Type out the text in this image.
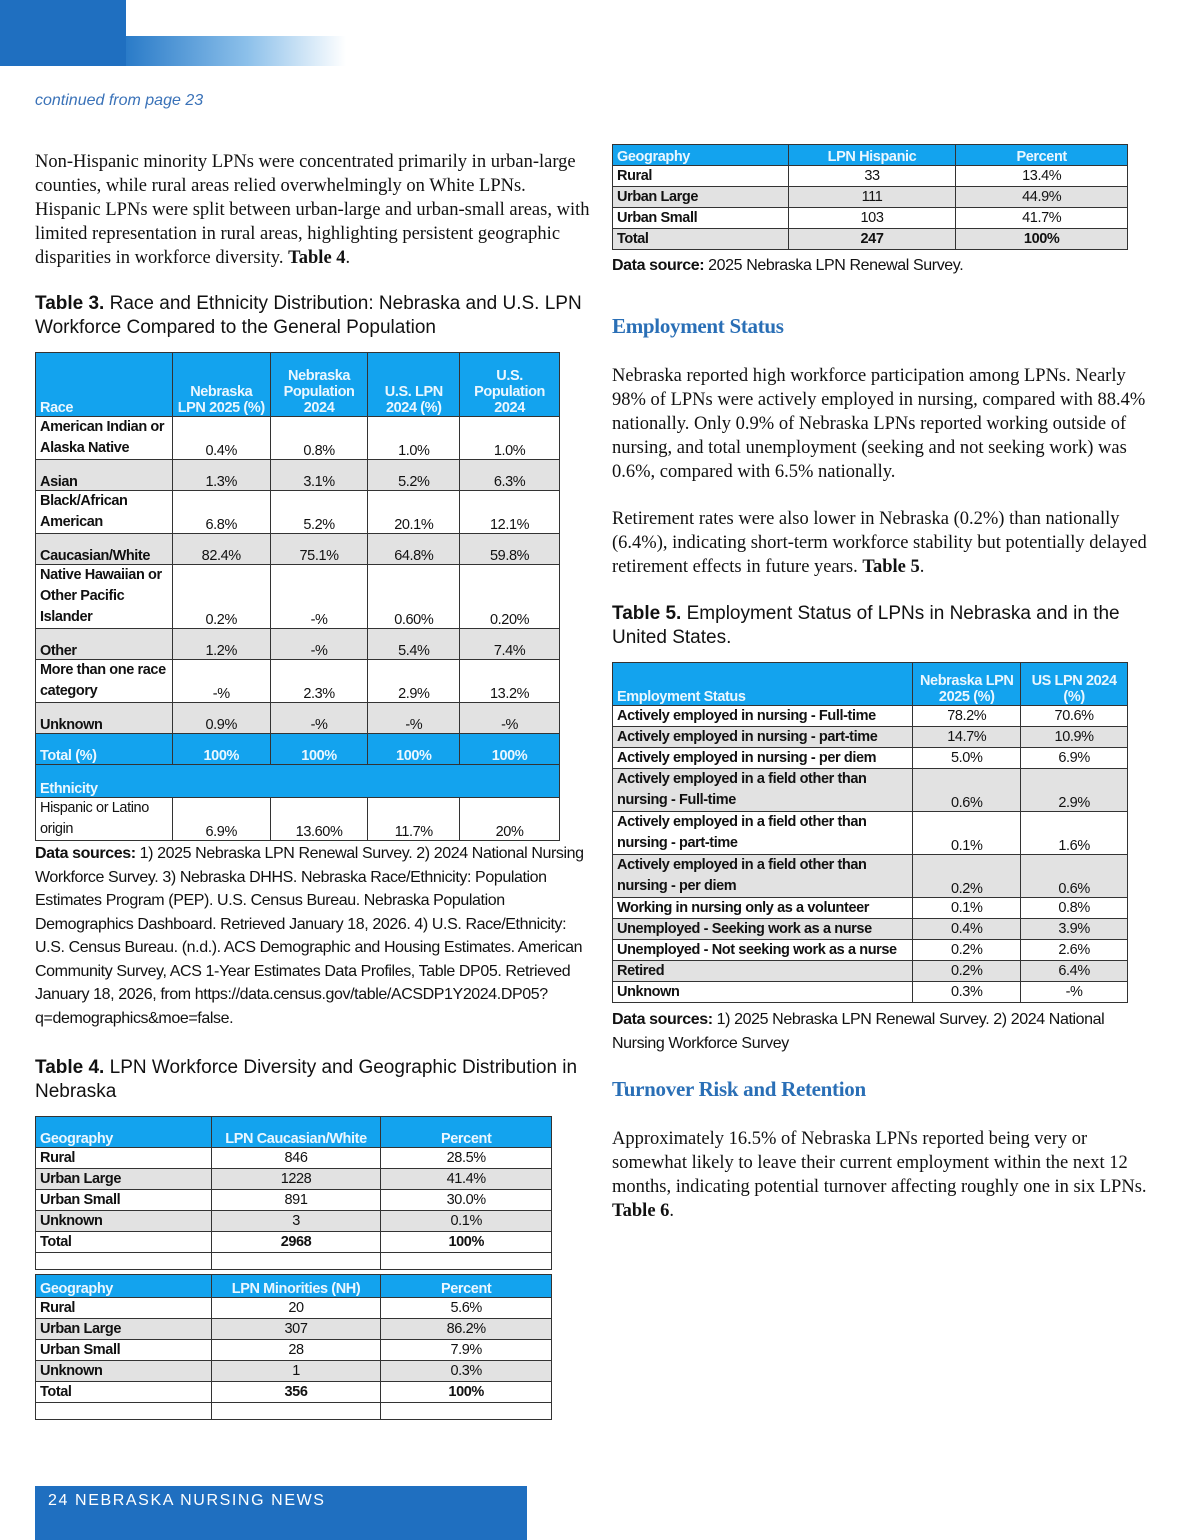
continued from page 23
Non-Hispanic minority LPNs were concentrated primarily in urban-large counties, while rural areas relied overwhelmingly on White LPNs. Hispanic LPNs were split between urban-large and urban-small areas, with limited representation in rural areas, highlighting persistent geographic disparities in workforce diversity. Table 4.
Table 3. Race and Ethnicity Distribution: Nebraska and U.S. LPN Workforce Compared to the General Population
Race	Nebraska LPN 2025 (%)	Nebraska Population 2024	U.S. LPN 2024 (%)	U.S. Population 2024
American Indian or Alaska Native	0.4%	0.8%	1.0%	1.0%
Asian	1.3%	3.1%	5.2%	6.3%
Black/African American	6.8%	5.2%	20.1%	12.1%
Caucasian/White	82.4%	75.1%	64.8%	59.8%
Native Hawaiian or Other Pacific Islander	0.2%	-%	0.60%	0.20%
Other	1.2%	-%	5.4%	7.4%
More than one race category	-%	2.3%	2.9%	13.2%
Unknown	0.9%	-%	-%	-%
Total (%)	100%	100%	100%	100%
Ethnicity				
Hispanic or Latino origin	6.9%	13.60%	11.7%	20%
Data sources: 1) 2025 Nebraska LPN Renewal Survey. 2) 2024 National Nursing Workforce Survey. 3) Nebraska DHHS. Nebraska Race/Ethnicity: Population Estimates Program (PEP). U.S. Census Bureau. Nebraska Population Demographics Dashboard. Retrieved January 18, 2026. 4) U.S. Race/Ethnicity: U.S. Census Bureau. (n.d.). ACS Demographic and Housing Estimates. American Community Survey, ACS 1-Year Estimates Data Profiles, Table DP05. Retrieved January 18, 2026, from https://data.census.gov/table/ACSDP1Y2024.DP05?q=demographics&moe=false.
Table 4. LPN Workforce Diversity and Geographic Distribution in Nebraska
Geography	LPN Caucasian/White	Percent
Rural	846	28.5%
Urban Large	1228	41.4%
Urban Small	891	30.0%
Unknown	3	0.1%
Total	2968	100%

Geography	LPN Minorities (NH)	Percent
Rural	20	5.6%
Urban Large	307	86.2%
Urban Small	28	7.9%
Unknown	1	0.3%
Total	356	100%

Geography	LPN Hispanic	Percent
Rural	33	13.4%
Urban Large	111	44.9%
Urban Small	103	41.7%
Total	247	100%
Data source: 2025 Nebraska LPN Renewal Survey.
Employment Status
Nebraska reported high workforce participation among LPNs. Nearly 98% of LPNs were actively employed in nursing, compared with 88.4% nationally. Only 0.9% of Nebraska LPNs reported working outside of nursing, and total unemployment (seeking and not seeking work) was 0.6%, compared with 6.5% nationally.
Retirement rates were also lower in Nebraska (0.2%) than nationally (6.4%), indicating short-term workforce stability but potentially delayed retirement effects in future years. Table 5.
Table 5. Employment Status of LPNs in Nebraska and in the United States.
Employment Status	Nebraska LPN 2025 (%)	US LPN 2024 (%)
Actively employed in nursing - Full-time	78.2%	70.6%
Actively employed in nursing - part-time	14.7%	10.9%
Actively employed in nursing - per diem	5.0%	6.9%
Actively employed in a field other than nursing - Full-time	0.6%	2.9%
Actively employed in a field other than nursing - part-time	0.1%	1.6%
Actively employed in a field other than nursing - per diem	0.2%	0.6%
Working in nursing only as a volunteer	0.1%	0.8%
Unemployed - Seeking work as a nurse	0.4%	3.9%
Unemployed - Not seeking work as a nurse	0.2%	2.6%
Retired	0.2%	6.4%
Unknown	0.3%	-%
Data sources: 1) 2025 Nebraska LPN Renewal Survey. 2) 2024 National Nursing Workforce Survey
Turnover Risk and Retention
Approximately 16.5% of Nebraska LPNs reported being very or somewhat likely to leave their current employment within the next 12 months, indicating potential turnover affecting roughly one in six LPNs. Table 6.
24 NEBRASKA NURSING NEWS
